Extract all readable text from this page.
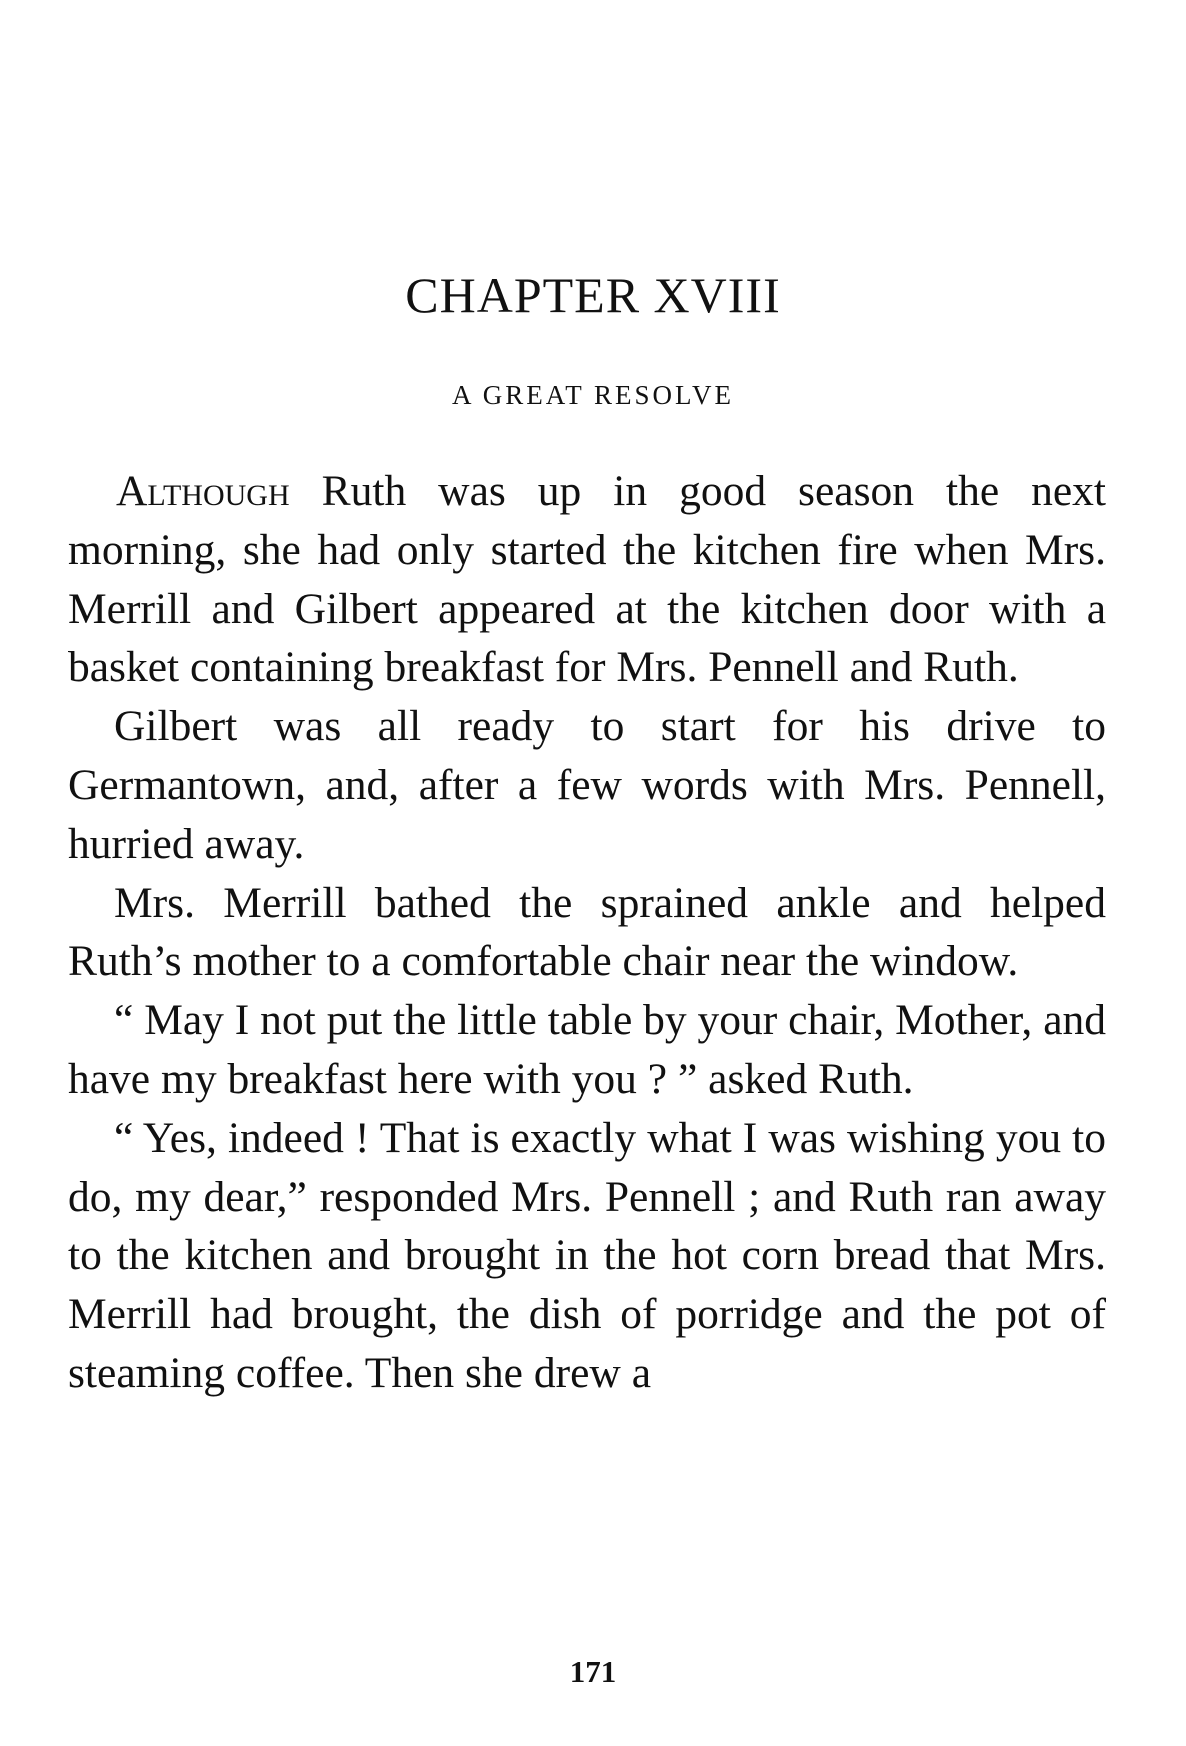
CHAPTER XVIII
A GREAT RESOLVE

Although Ruth was up in good season the next morning, she had only started the kitchen fire when Mrs. Merrill and Gilbert appeared at the kitchen door with a basket containing breakfast for Mrs. Pennell and Ruth.

Gilbert was all ready to start for his drive to Germantown, and, after a few words with Mrs. Pennell, hurried away.

Mrs. Merrill bathed the sprained ankle and helped Ruth’s mother to a comfortable chair near the window.

“ May I not put the little table by your chair, Mother, and have my breakfast here with you ? ” asked Ruth.

“ Yes, indeed ! That is exactly what I was wishing you to do, my dear,” responded Mrs. Pennell ; and Ruth ran away to the kitchen and brought in the hot corn bread that Mrs. Merrill had brought, the dish of porridge and the pot of steaming coffee. Then she drew a

171
